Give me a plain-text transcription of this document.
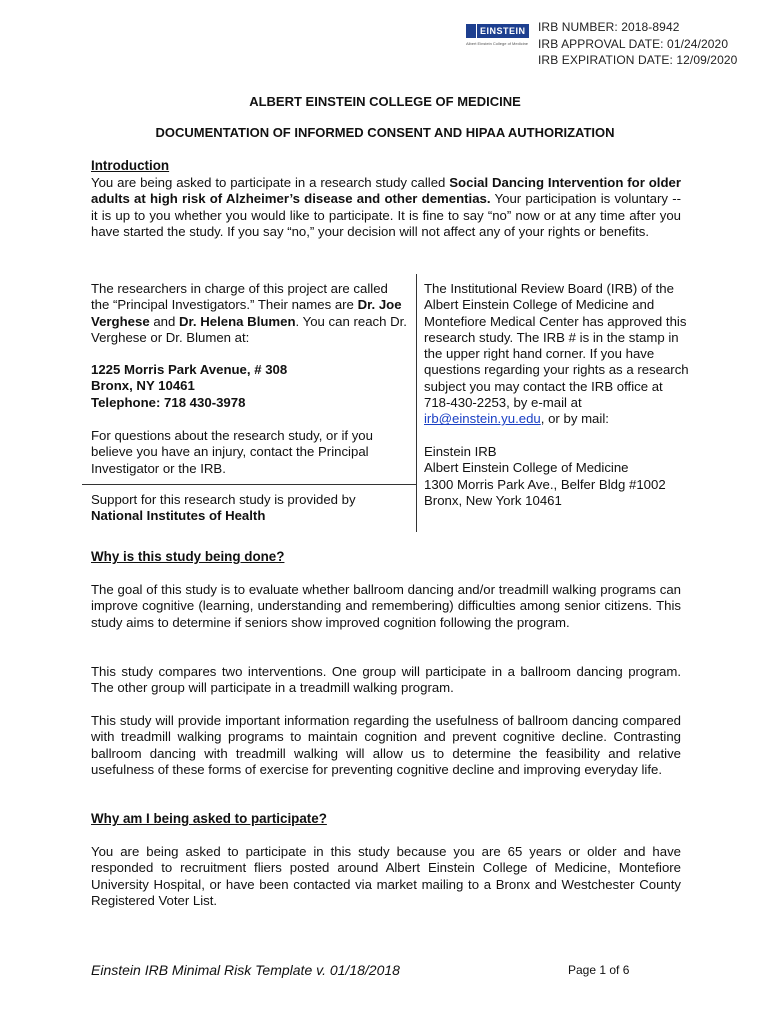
EINSTEIN
Albert Einstein College of Medicine
IRB NUMBER: 2018-8942
IRB APPROVAL DATE: 01/24/2020
IRB EXPIRATION DATE: 12/09/2020
ALBERT EINSTEIN COLLEGE OF MEDICINE
DOCUMENTATION OF INFORMED CONSENT AND HIPAA AUTHORIZATION
Introduction
You are being asked to participate in a research study called Social Dancing Intervention for older adults at high risk of Alzheimer’s disease and other dementias. Your participation is voluntary -- it is up to you whether you would like to participate. It is fine to say “no” now or at any time after you have started the study. If you say “no,” your decision will not affect any of your rights or benefits.
The researchers in charge of this project are called the “Principal Investigators.” Their names are Dr. Joe Verghese and Dr. Helena Blumen. You can reach Dr. Verghese or Dr. Blumen at:
1225 Morris Park Avenue, # 308
Bronx, NY 10461
Telephone: 718 430-3978
For questions about the research study, or if you believe you have an injury, contact the Principal Investigator or the IRB.
Support for this research study is provided by
National Institutes of Health
The Institutional Review Board (IRB) of the Albert Einstein College of Medicine and Montefiore Medical Center has approved this research study. The IRB # is in the stamp in the upper right hand corner. If you have questions regarding your rights as a research subject you may contact the IRB office at 718-430-2253, by e-mail at irb@einstein.yu.edu, or by mail:
Einstein IRB
Albert Einstein College of Medicine
1300 Morris Park Ave., Belfer Bldg #1002
Bronx, New York 10461
Why is this study being done?
The goal of this study is to evaluate whether ballroom dancing and/or treadmill walking programs can improve cognitive (learning, understanding and remembering) difficulties among senior citizens. This study aims to determine if seniors show improved cognition following the program.
This study compares two interventions. One group will participate in a ballroom dancing program. The other group will participate in a treadmill walking program.
This study will provide important information regarding the usefulness of ballroom dancing compared with treadmill walking programs to maintain cognition and prevent cognitive decline. Contrasting ballroom dancing with treadmill walking will allow us to determine the feasibility and relative usefulness of these forms of exercise for preventing cognitive decline and improving everyday life.
Why am I being asked to participate?
You are being asked to participate in this study because you are 65 years or older and have responded to recruitment fliers posted around Albert Einstein College of Medicine, Montefiore University Hospital, or have been contacted via market mailing to a Bronx and Westchester County Registered Voter List.
Einstein IRB Minimal Risk Template v. 01/18/2018	Page 1 of 6
